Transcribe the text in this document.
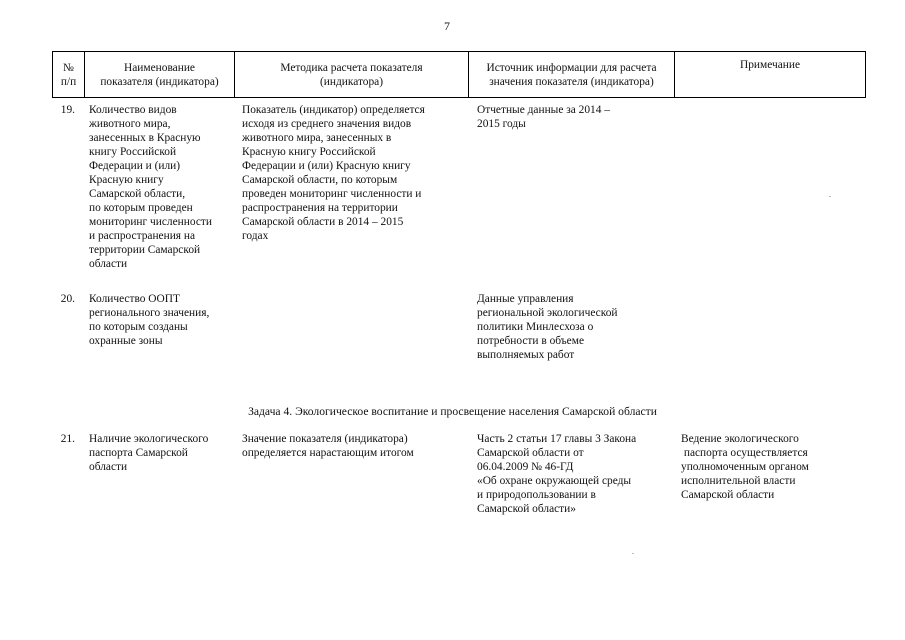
7
№
п/п
Наименование
показателя (индикатора)
Методика расчета показателя
(индикатора)
Источник информации для расчета
значения показателя (индикатора)
Примечание
19. Количество видов
животного мира,
занесенных в Красную
книгу Российской
Федерации и (или)
Красную книгу
Самарской области,
по которым проведен
мониторинг численности
и распространения на
территории Самарской
области
Показатель (индикатор) определяется
исходя из среднего значения видов
животного мира, занесенных в
Красную книгу Российской
Федерации и (или) Красную книгу
Самарской области, по которым
проведен мониторинг численности и
распространения на территории
Самарской области в 2014 – 2015
годах
Отчетные данные за 2014 –
2015 годы
20. Количество ООПТ
регионального значения,
по которым созданы
охранные зоны
Данные управления
региональной экологической
политики Минлесхоза о
потребности в объеме
выполняемых работ
Задача 4. Экологическое воспитание и просвещение населения Самарской области
21. Наличие экологического
паспорта Самарской
области
Значение показателя (индикатора)
определяется нарастающим итогом
Часть 2 статьи 17 главы 3 Закона
Самарской области от
06.04.2009 № 46-ГД
«Об охране окружающей среды
и природопользовании в
Самарской области»
Ведение экологического
паспорта осуществляется
уполномоченным органом
исполнительной власти
Самарской области
